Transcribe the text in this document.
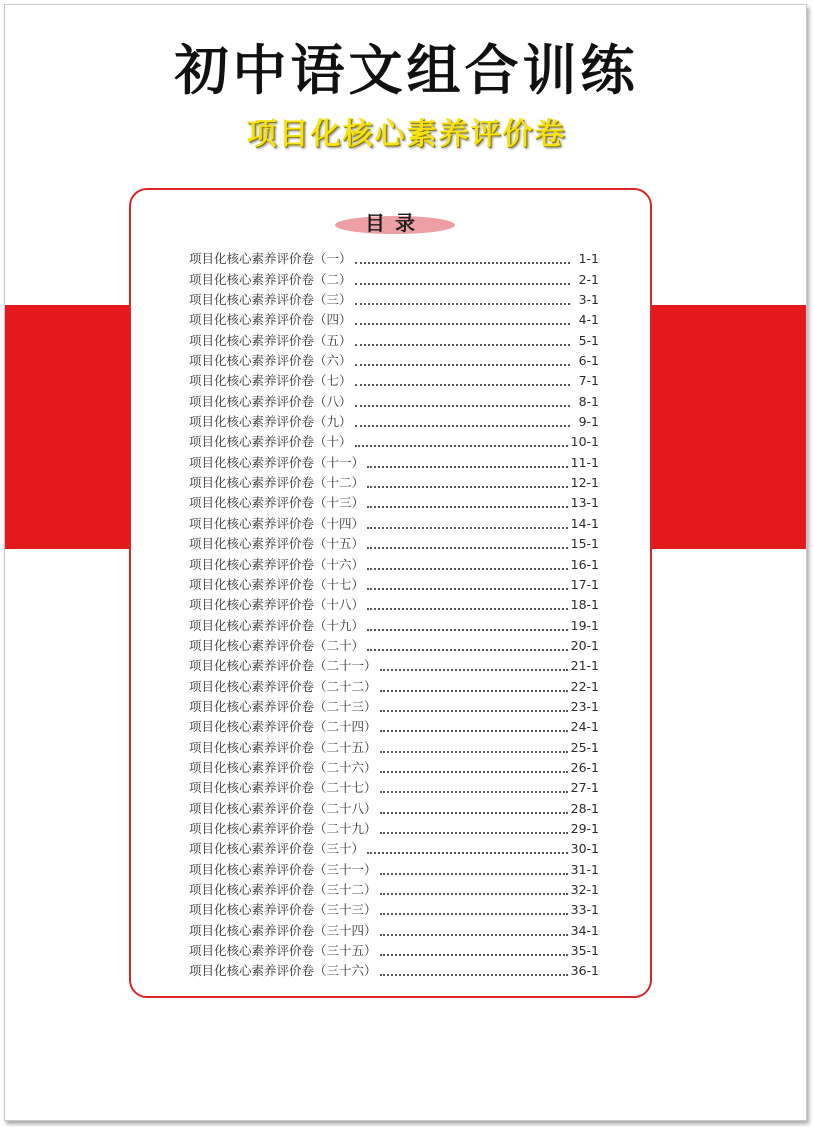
初中语文组合训练
项目化核心素养评价卷
目录
项目化核心素养评价卷（一）	1-1
项目化核心素养评价卷（二）	2-1
项目化核心素养评价卷（三）	3-1
项目化核心素养评价卷（四）	4-1
项目化核心素养评价卷（五）	5-1
项目化核心素养评价卷（六）	6-1
项目化核心素养评价卷（七）	7-1
项目化核心素养评价卷（八）	8-1
项目化核心素养评价卷（九）	9-1
项目化核心素养评价卷（十）	10-1
项目化核心素养评价卷（十一）	11-1
项目化核心素养评价卷（十二）	12-1
项目化核心素养评价卷（十三）	13-1
项目化核心素养评价卷（十四）	14-1
项目化核心素养评价卷（十五）	15-1
项目化核心素养评价卷（十六）	16-1
项目化核心素养评价卷（十七）	17-1
项目化核心素养评价卷（十八）	18-1
项目化核心素养评价卷（十九）	19-1
项目化核心素养评价卷（二十）	20-1
项目化核心素养评价卷（二十一）	21-1
项目化核心素养评价卷（二十二）	22-1
项目化核心素养评价卷（二十三）	23-1
项目化核心素养评价卷（二十四）	24-1
项目化核心素养评价卷（二十五）	25-1
项目化核心素养评价卷（二十六）	26-1
项目化核心素养评价卷（二十七）	27-1
项目化核心素养评价卷（二十八）	28-1
项目化核心素养评价卷（二十九）	29-1
项目化核心素养评价卷（三十）	30-1
项目化核心素养评价卷（三十一）	31-1
项目化核心素养评价卷（三十二）	32-1
项目化核心素养评价卷（三十三）	33-1
项目化核心素养评价卷（三十四）	34-1
项目化核心素养评价卷（三十五）	35-1
项目化核心素养评价卷（三十六）	36-1
